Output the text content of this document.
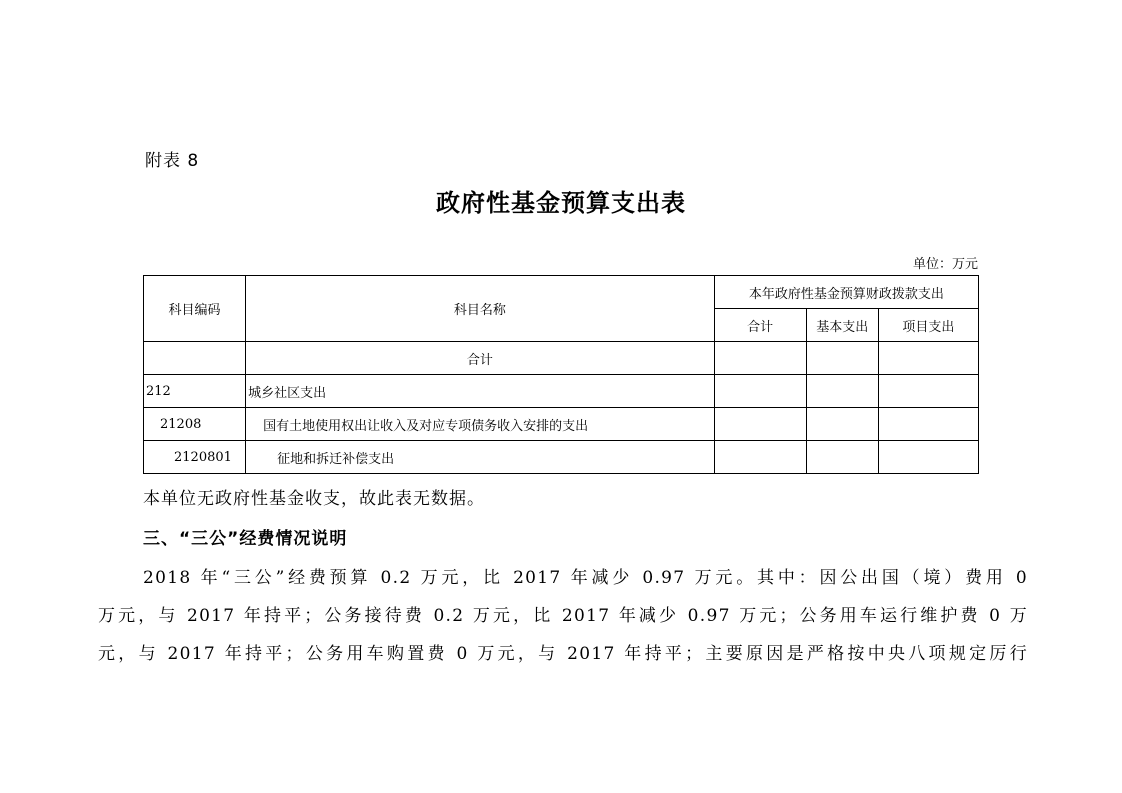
附表 8
政府性基金预算支出表
单位：万元
科目编码	科目名称	本年政府性基金预算财政拨款支出		
		合计	基本支出	项目支出
	合计			
212	城乡社区支出			
21208	国有土地使用权出让收入及对应专项债务收入安排的支出			
2120801	征地和拆迁补偿支出			
本单位无政府性基金收支，故此表无数据。
三、“三公”经费情况说明
2018 年“三公”经费预算 0.2 万元，比 2017 年减少 0.97 万元。其中：因公出国（境）费用 0
万元，与 2017 年持平；公务接待费 0.2 万元，比 2017 年减少 0.97 万元；公务用车运行维护费 0 万
元，与 2017 年持平；公务用车购置费 0 万元，与 2017 年持平；主要原因是严格按中央八项规定厉行
